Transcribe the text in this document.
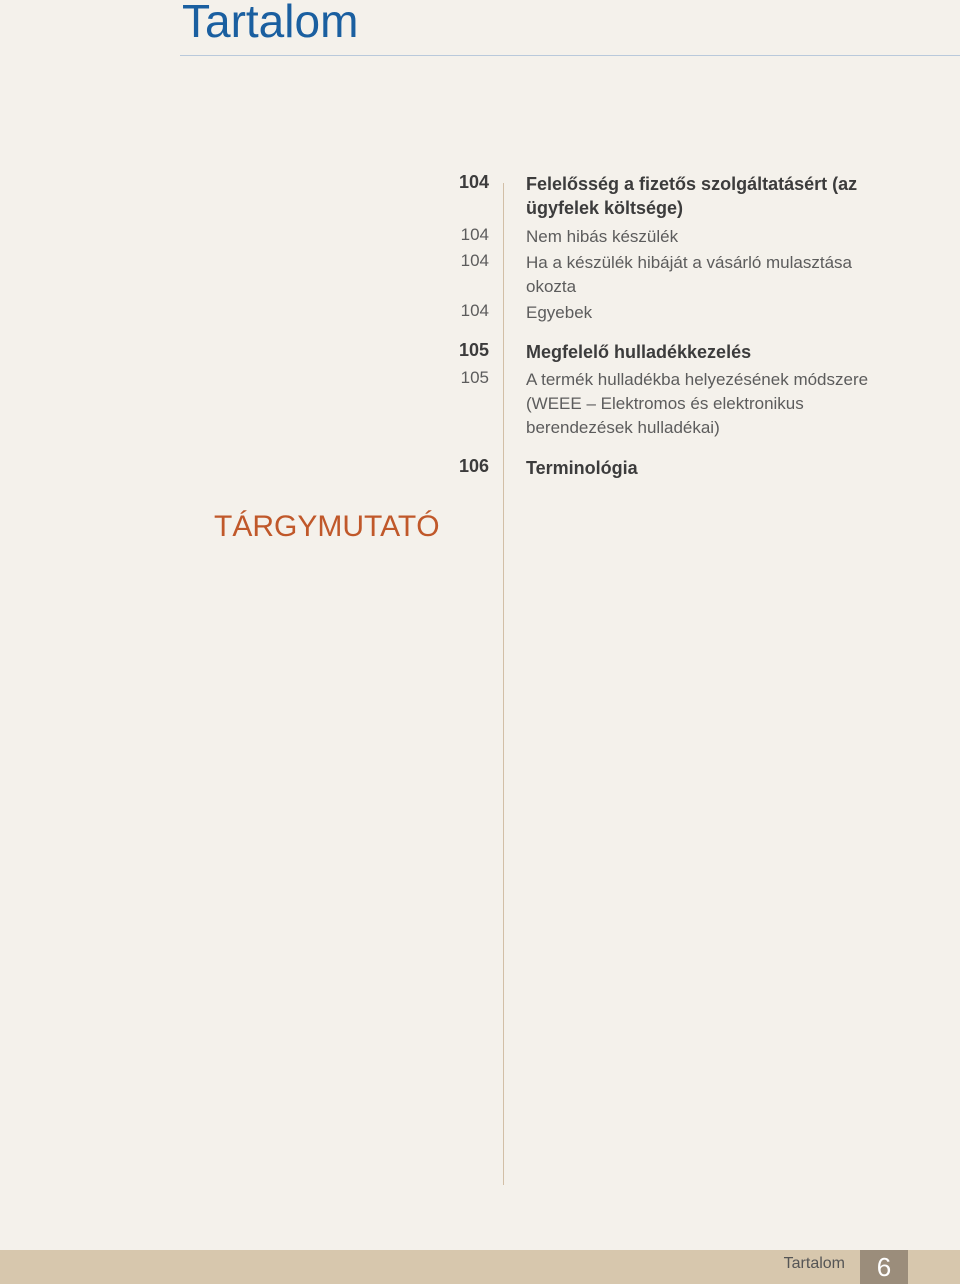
Tartalom
104 Felelősség a fizetős szolgáltatásért (az ügyfelek költsége)
104 Nem hibás készülék
104 Ha a készülék hibáját a vásárló mulasztása okozta
104 Egyebek
105 Megfelelő hulladékkezelés
105 A termék hulladékba helyezésének módszere (WEEE – Elektromos és elektronikus berendezések hulladékai)
106 Terminológia
TÁRGYMUTATÓ
Tartalom	6
